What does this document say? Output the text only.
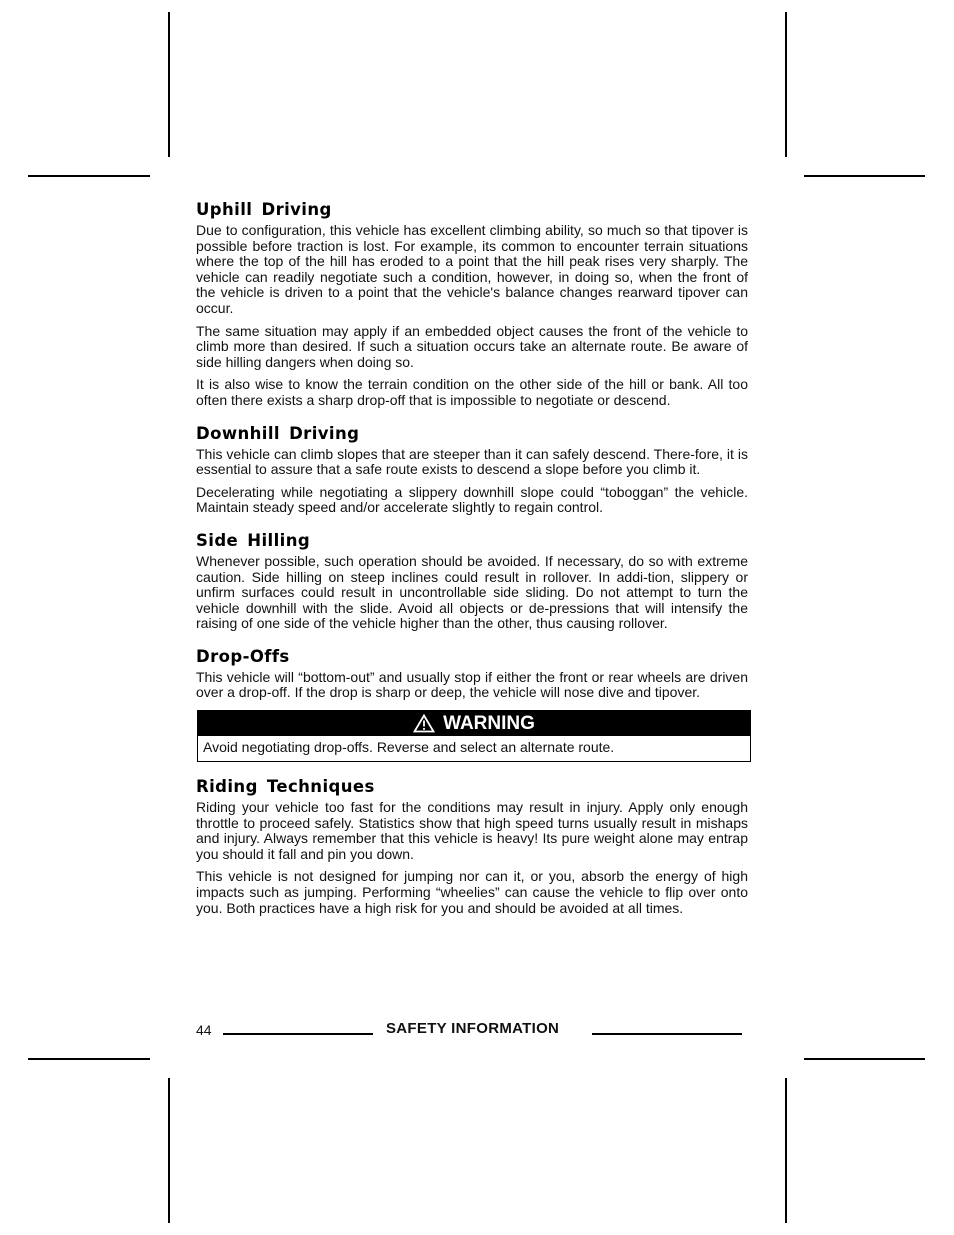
Uphill Driving

Due to configuration, this vehicle has excellent climbing ability, so much so that tipover is possible before traction is lost. For example, its common to encounter terrain situations where the top of the hill has eroded to a point that the hill peak rises very sharply. The vehicle can readily negotiate such a condition, however, in doing so, when the front of the vehicle is driven to a point that the vehicle's balance changes rearward tipover can occur.

The same situation may apply if an embedded object causes the front of the vehicle to climb more than desired. If such a situation occurs take an alternate route. Be aware of side hilling dangers when doing so.

It is also wise to know the terrain condition on the other side of the hill or bank. All too often there exists a sharp drop-off that is impossible to negotiate or descend.

Downhill Driving

This vehicle can climb slopes that are steeper than it can safely descend. There-fore, it is essential to assure that a safe route exists to descend a slope before you climb it.

Decelerating while negotiating a slippery downhill slope could “toboggan” the vehicle. Maintain steady speed and/or accelerate slightly to regain control.

Side Hilling

Whenever possible, such operation should be avoided. If necessary, do so with extreme caution. Side hilling on steep inclines could result in rollover. In addi-tion, slippery or unfirm surfaces could result in uncontrollable side sliding. Do not attempt to turn the vehicle downhill with the slide. Avoid all objects or de-pressions that will intensify the raising of one side of the vehicle higher than the other, thus causing rollover.

Drop-Offs

This vehicle will “bottom-out” and usually stop if either the front or rear wheels are driven over a drop-off. If the drop is sharp or deep, the vehicle will nose dive and tipover.

WARNING
Avoid negotiating drop-offs. Reverse and select an alternate route.
Riding Techniques

Riding your vehicle too fast for the conditions may result in injury. Apply only enough throttle to proceed safely. Statistics show that high speed turns usually result in mishaps and injury. Always remember that this vehicle is heavy! Its pure weight alone may entrap you should it fall and pin you down.

This vehicle is not designed for jumping nor can it, or you, absorb the energy of high impacts such as jumping. Performing “wheelies” can cause the vehicle to flip over onto you. Both practices have a high risk for you and should be avoided at all times.

44	SAFETY INFORMATION
